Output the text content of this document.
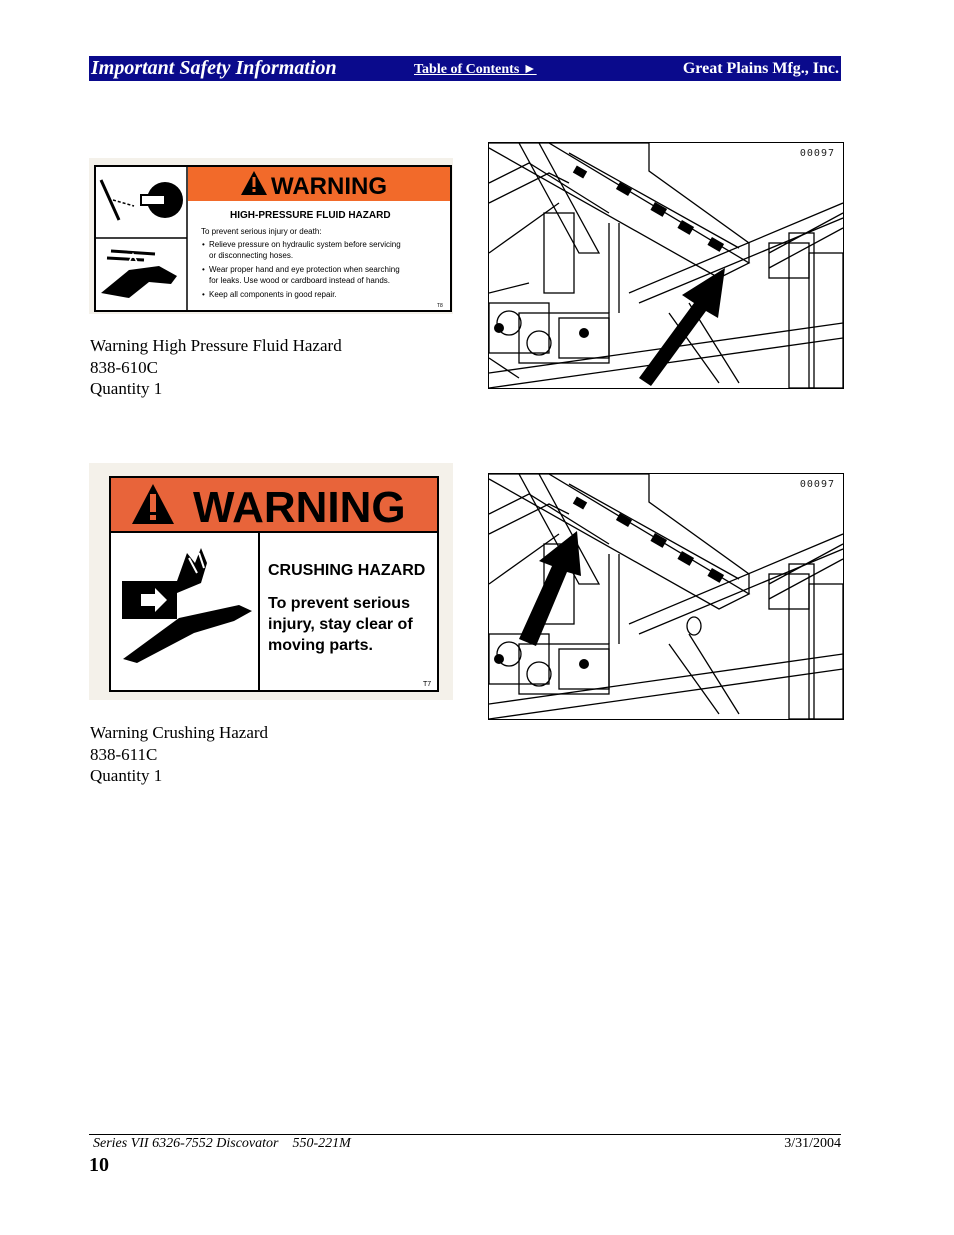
Important Safety Information	Table of Contents ►	Great Plains Mfg., Inc.
WARNING
HIGH-PRESSURE FLUID HAZARD
To prevent serious injury or death:
• Relieve pressure on hydraulic system before servicing
or disconnecting hoses.
• Wear proper hand and eye protection when searching
for leaks. Use wood or cardboard instead of hands.
• Keep all components in good repair.
T8
Warning High Pressure Fluid Hazard
838-610C
Quantity 1
00097
WARNING
CRUSHING HAZARD
To prevent serious
injury, stay clear of
moving parts.
T7
Warning Crushing Hazard
838-611C
Quantity 1
00097
Series VII 6326-7552 Discovator    550-221M	3/31/2004
10
